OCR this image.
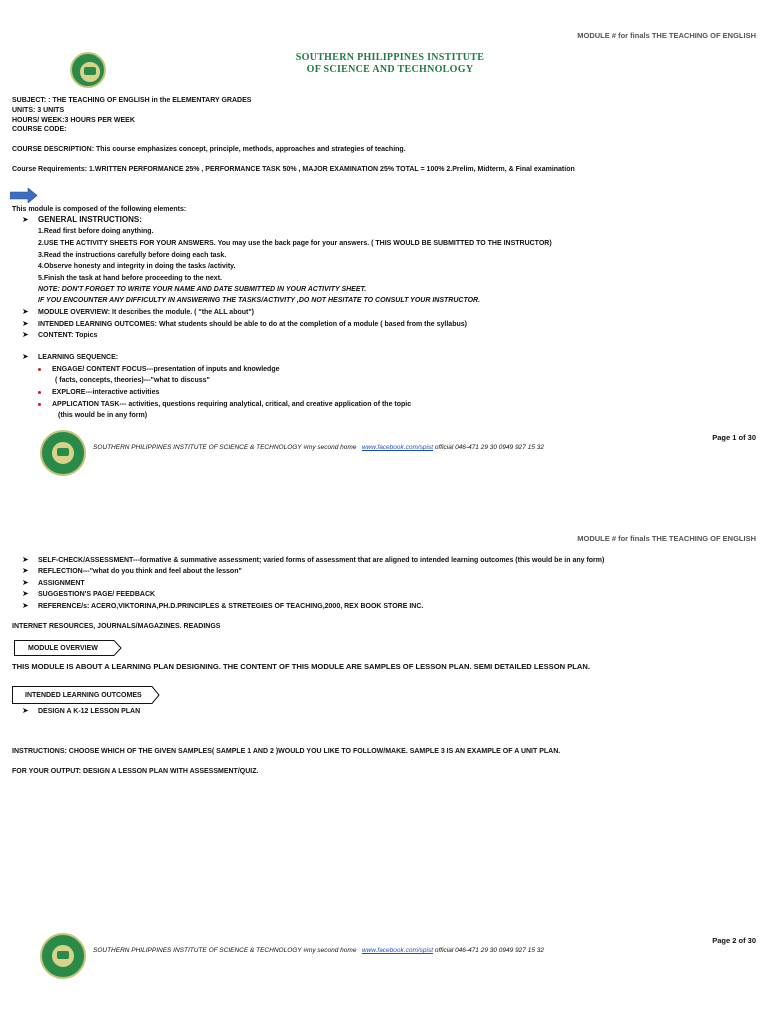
MODULE # for finals THE TEACHING OF ENGLISH
SOUTHERN PHILIPPINES INSTITUTE
OF SCIENCE AND TECHNOLOGY
SUBJECT: : THE TEACHING OF ENGLISH in the ELEMENTARY GRADES
UNITS: 3 UNITS
HOURS/ WEEK:3 HOURS PER WEEK
COURSE CODE:
COURSE DESCRIPTION: This course emphasizes concept, principle, methods, approaches and strategies of teaching.
Course Requirements: 1.WRITTEN PERFORMANCE 25% , PERFORMANCE TASK 50% , MAJOR EXAMINATION 25% TOTAL = 100% 2.Prelim, Midterm, & Final examination
This module is composed of the following elements:
➤ GENERAL INSTRUCTIONS:
1.Read first before doing anything.
2.USE THE ACTIVITY SHEETS FOR YOUR ANSWERS. You may use the back page for your answers. ( THIS WOULD BE SUBMITTED TO THE INSTRUCTOR)
3.Read the instructions carefully before doing each task.
4.Observe honesty and integrity in doing the tasks /activity.
5.Finish the task at hand before proceeding to the next.
NOTE: DON'T FORGET TO WRITE YOUR NAME AND DATE SUBMITTED IN YOUR ACTIVITY SHEET.
IF YOU ENCOUNTER ANY DIFFICULTY IN ANSWERING THE TASKS/ACTIVITY ,DO NOT HESITATE TO CONSULT YOUR INSTRUCTOR.
➤ MODULE OVERVIEW: It describes the module. ( "the ALL about")
➤ INTENDED LEARNING OUTCOMES: What students should be able to do at the completion of a module ( based from the syllabus)
➤ CONTENT: Topics
➤ LEARNING SEQUENCE:
ENGAGE/ CONTENT FOCUS---presentation of inputs and knowledge
( facts, concepts, theories)---"what to discuss"
EXPLORE---interactive activities
APPLICATION TASK--- activities, questions requiring analytical, critical, and creative application of the topic
(this would be in any form)
Page 1 of 30
SOUTHERN PHILIPPINES INSTITUTE OF SCIENCE & TECHNOLOGY #my second home www.facebook.com/spist official 046-471 29 30 0949 927 15 32
MODULE # for finals THE TEACHING OF ENGLISH
➤ SELF-CHECK/ASSESSMENT---formative & summative assessment; varied forms of assessment that are aligned to intended learning outcomes (this would be in any form)
➤ REFLECTION---"what do you think and feel about the lesson"
➤ ASSIGNMENT
➤ SUGGESTION'S PAGE/ FEEDBACK
➤ REFERENCE/s: ACERO,VIKTORINA,PH.D.PRINCIPLES & STRETEGIES OF TEACHING,2000, REX BOOK STORE INC.
INTERNET RESOURCES, JOURNALS/MAGAZINES. READINGS
MODULE OVERVIEW
THIS MODULE IS ABOUT A LEARNING PLAN DESIGNING. THE CONTENT OF THIS MODULE ARE SAMPLES OF LESSON PLAN. SEMI DETAILED LESSON PLAN.
INTENDED LEARNING OUTCOMES
➤ DESIGN A K-12 LESSON PLAN
INSTRUCTIONS: CHOOSE WHICH OF THE GIVEN SAMPLES( SAMPLE 1 AND 2 )WOULD YOU LIKE TO FOLLOW/MAKE. SAMPLE 3 IS AN EXAMPLE OF A UNIT PLAN.
FOR YOUR OUTPUT: DESIGN A LESSON PLAN WITH ASSESSMENT/QUIZ.
Page 2 of 30
SOUTHERN PHILIPPINES INSTITUTE OF SCIENCE & TECHNOLOGY #my second home www.facebook.com/spist official 046-471 29 30 0949 927 15 32
